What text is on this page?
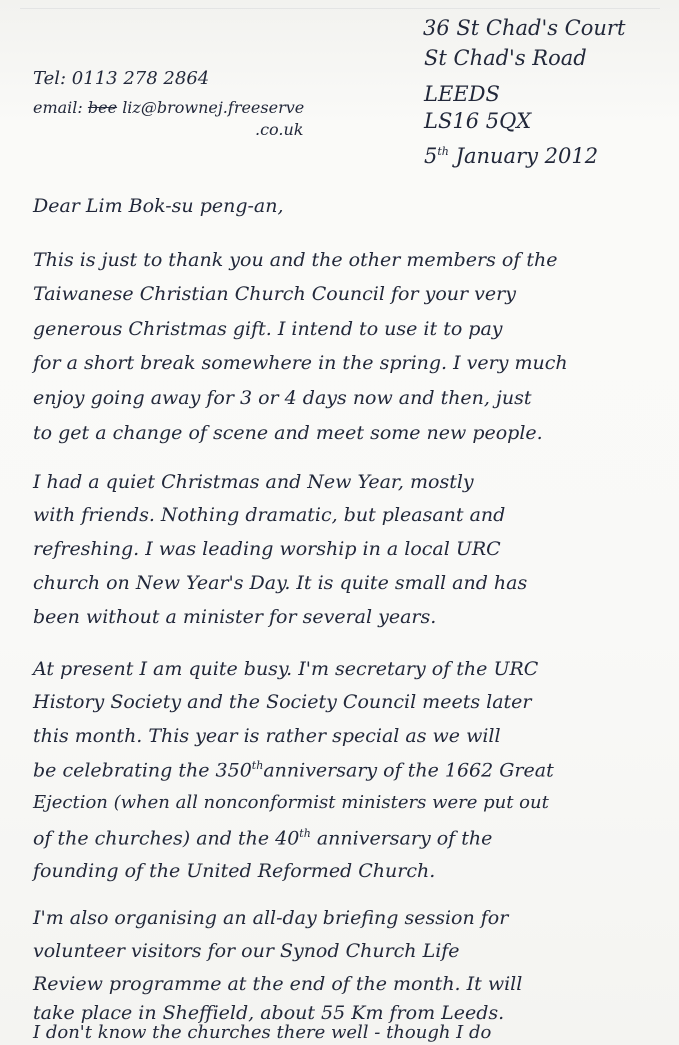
36 St Chad's Court
St Chad's Road
LEEDS
LS16 5QX
5th January 2012
Tel: 0113 278 2864
email: bee liz@brownej.freeserve
.co.uk
Dear Lim Bok-su peng-an,
This is just to thank you and the other members of the
Taiwanese Christian Church Council for your very
generous Christmas gift. I intend to use it to pay
for a short break somewhere in the spring. I very much
enjoy going away for 3 or 4 days now and then, just
to get a change of scene and meet some new people.
I had a quiet Christmas and New Year, mostly
with friends. Nothing dramatic, but pleasant and
refreshing. I was leading worship in a local URC
church on New Year's Day. It is quite small and has
been without a minister for several years.
At present I am quite busy. I'm secretary of the URC
History Society and the Society Council meets later
this month. This year is rather special as we will
be celebrating the 350thanniversary of the 1662 Great
Ejection (when all nonconformist ministers were put out
of the churches) and the 40th anniversary of the
founding of the United Reformed Church.
I'm also organising an all-day briefing session for
volunteer visitors for our Synod Church Life
Review programme at the end of the month. It will
take place in Sheffield, about 55 Km from Leeds.
I don't know the churches there well - though I do
